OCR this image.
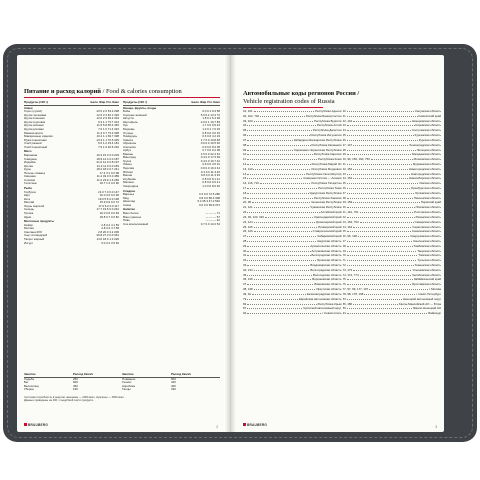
Питание и расход калорий / Food & calories consumption
Продукты (100 г)	Белк. Жир Угл. Ккал
Злаки
Горох (сухой)	20.5 2.0 53.3 298
Крупа гречневая	12.6 3.3 62.1 329
Крупа пшенная	12.0 2.9 69.3 334
Крупа перловая	9.3 1.1 73.7 324
Крупа овсяная	11.9 5.8 65.4 345
Крупа рисовая	7.0 1.0 71.4 323
Манная крупа	11.3 0.7 73.3 328
Макаронные изделия	10.4 1.1 69.7 338
Мука пшеничная	10.3 1.1 70.6 329
Хлеб ржаной	6.6 1.2 33.4 181
Хлеб пшеничный	7.9 1.0 46.6 232
Мясо
Баранина	16.3 15.3 0.0 203
Говядина	18.9 12.4 0.0 187
Индейка	21.6 12.0 0.8 197
Кролик	21.2 11.0 0.0 183
Куры	18.2 18.4 0.7 241
Печень говяжья	17.4 3.1 0.0 98
Свинина	11.4 49.3 0.0 489
Сосиски	11.0 23.9 1.6 266
Телятина	19.7 1.2 0.0 90
Рыба
Горбуша	21.0 7.0 0.0 147
Карп	16.0 3.6 0.0 96
Кета	19.0 5.6 0.0 138
Минтай	15.9 0.9 0.0 72
Окунь морской	17.6 5.2 0.0 117
Сельдь	17.7 19.5 0.0 242
Треска	16.0 0.6 0.0 69
Щука	18.8 0.7 0.0 82
Молочные продукты
Кефир	2.8 3.2 4.1 59
Молоко	2.8 3.2 4.7 58
Сметана 20%	2.8 20.0 3.2 206
Сыр голландский	26.8 27.3 0.0 361
Творог жирный	14.0 18.0 1.3 226
Йогурт	5.0 3.2 3.5 66
Продукты (100 г)	Белк. Жир Угл. Ккал
Овощи, фрукты, ягоды
Бобы	6.0 0.1 8.3 58
Горошек зелёный	5.0 0.2 13.3 72
Капуста	1.8 0.1 5.4 28
Картофель	2.0 0.1 19.7 83
Лук	1.7 0.0 9.5 43
Морковь	1.3 0.1 7.0 33
Огурцы	0.8 0.0 3.0 15
Помидоры	0.6 0.0 4.2 19
Свёкла	1.7 0.0 10.8 48
Абрикосы	0.9 0.0 10.5 46
Апельсин	0.9 0.0 8.4 38
Арбуз	0.7 0.0 9.2 38
Бананы	1.5 0.0 22.4 91
Виноград	0.4 0.0 17.5 69
Груша	0.4 0.0 10.7 42
Лимон	0.9 0.0 3.6 31
Персики	0.9 0.0 10.4 44
Яблоки	0.4 0.0 11.3 46
Вишня	0.8 0.0 11.3 49
Клубника	0.8 0.0 8.1 41
Малина	0.8 0.0 9.0 41
Смородина	1.0 0.0 8.0 40
Сладкое
Варенье	0.3 0.0 72.5 280
Мёд	0.8 0.0 80.3 308
Шоколад	5.4 35.3 47.2 540
Сахар	0.0 0.0 99.9 374
Напитки
Вино белое	— — — 71
Вино красное	— — — 67
Пиво	— — — 42
Сок апельсиновый	0.7 0.0 13.2 54
Занятие	Расход Ккал/ч	Занятие	Расход Ккал/ч
Ходьба	250	Плавание	500
Бег	600	Теннис	420
Велосипед	450	Аэробика	400
Уборка	190	Танцы	330
Суточная потребность в энергии: женщины — 2000 ккал, мужчины — 2500 ккал.
Данные приведены на 100 г съедобной части продукта.
BRAUBERG	2
Автомобильные коды регионов России /
Vehicle registration codes of Russia
01, 101	Республика Адыгея 40	Калужская область
02, 102, 702	Республика Башкортостан 41	Камчатский край
03, 103	Республика Бурятия 42, 142	Кемеровская область
04	Республика Алтай 43	Кировская область
05	Республика Дагестан 44	Костромская область
06	Республика Ингушетия 45	Курганская область
07	Кабардино-Балкарская Республика 46	Курская область
08	Республика Калмыкия 47, 147	Ленинградская область
09	Карачаево-Черкесская Республика 48	Липецкая область
10	Республика Карелия 49	Магаданская область
11	Республика Коми 50, 90, 150, 190, 750	Московская область
12	Республика Марий Эл 51	Мурманская область
13, 113	Республика Мордовия 52, 152	Нижегородская область
14	Республика Саха (Якутия) 53	Новгородская область
15	Северная Осетия — Алания 54, 154	Новосибирская область
16, 116, 716	Республика Татарстан 55	Омская область
17	Республика Тыва 56	Оренбургская область
18	Удмуртская Республика 57	Орловская область
19	Республика Хакасия 58	Пензенская область
20, 95	Чеченская Республика 59, 159	Пермский край
21, 121	Чувашская Республика 60	Псковская область
22	Алтайский край 61, 161, 761	Ростовская область
23, 93, 123, 193	Краснодарский край 62	Рязанская область
24, 124	Красноярский край 63, 163, 763	Самарская область
25, 125	Приморский край 64, 164	Саратовская область
26, 126	Ставропольский край 65	Сахалинская область
27	Хабаровский край 66, 96, 196	Свердловская область
28	Амурская область 67	Смоленская область
29	Архангельская область 68	Тамбовская область
30	Астраханская область 69	Тверская область
31	Белгородская область 70	Томская область
32	Брянская область 71	Тульская область
33	Владимирская область 72	Тюменская область
34, 134	Волгоградская область 73, 173	Ульяновская область
35	Вологодская область 74, 174, 774	Челябинская область
36, 136	Воронежская область 75	Забайкальский край
37	Ивановская область 76	Ярославская область
38, 138	Иркутская область 77, 97, 99, 177, 197	г. Москва
39, 91	Калининградская область 78, 98, 178, 198	г. Санкт-Петербург
79	Еврейская автономная область 83	Ненецкий автономный округ
82	Республика Крым 86, 186	Ханты-Мансийский АО — Югра
87	Чукотский автономный округ 89	Ямало-Ненецкий АО
92	г. Севастополь 94	Байконур
BRAUBERG	3
